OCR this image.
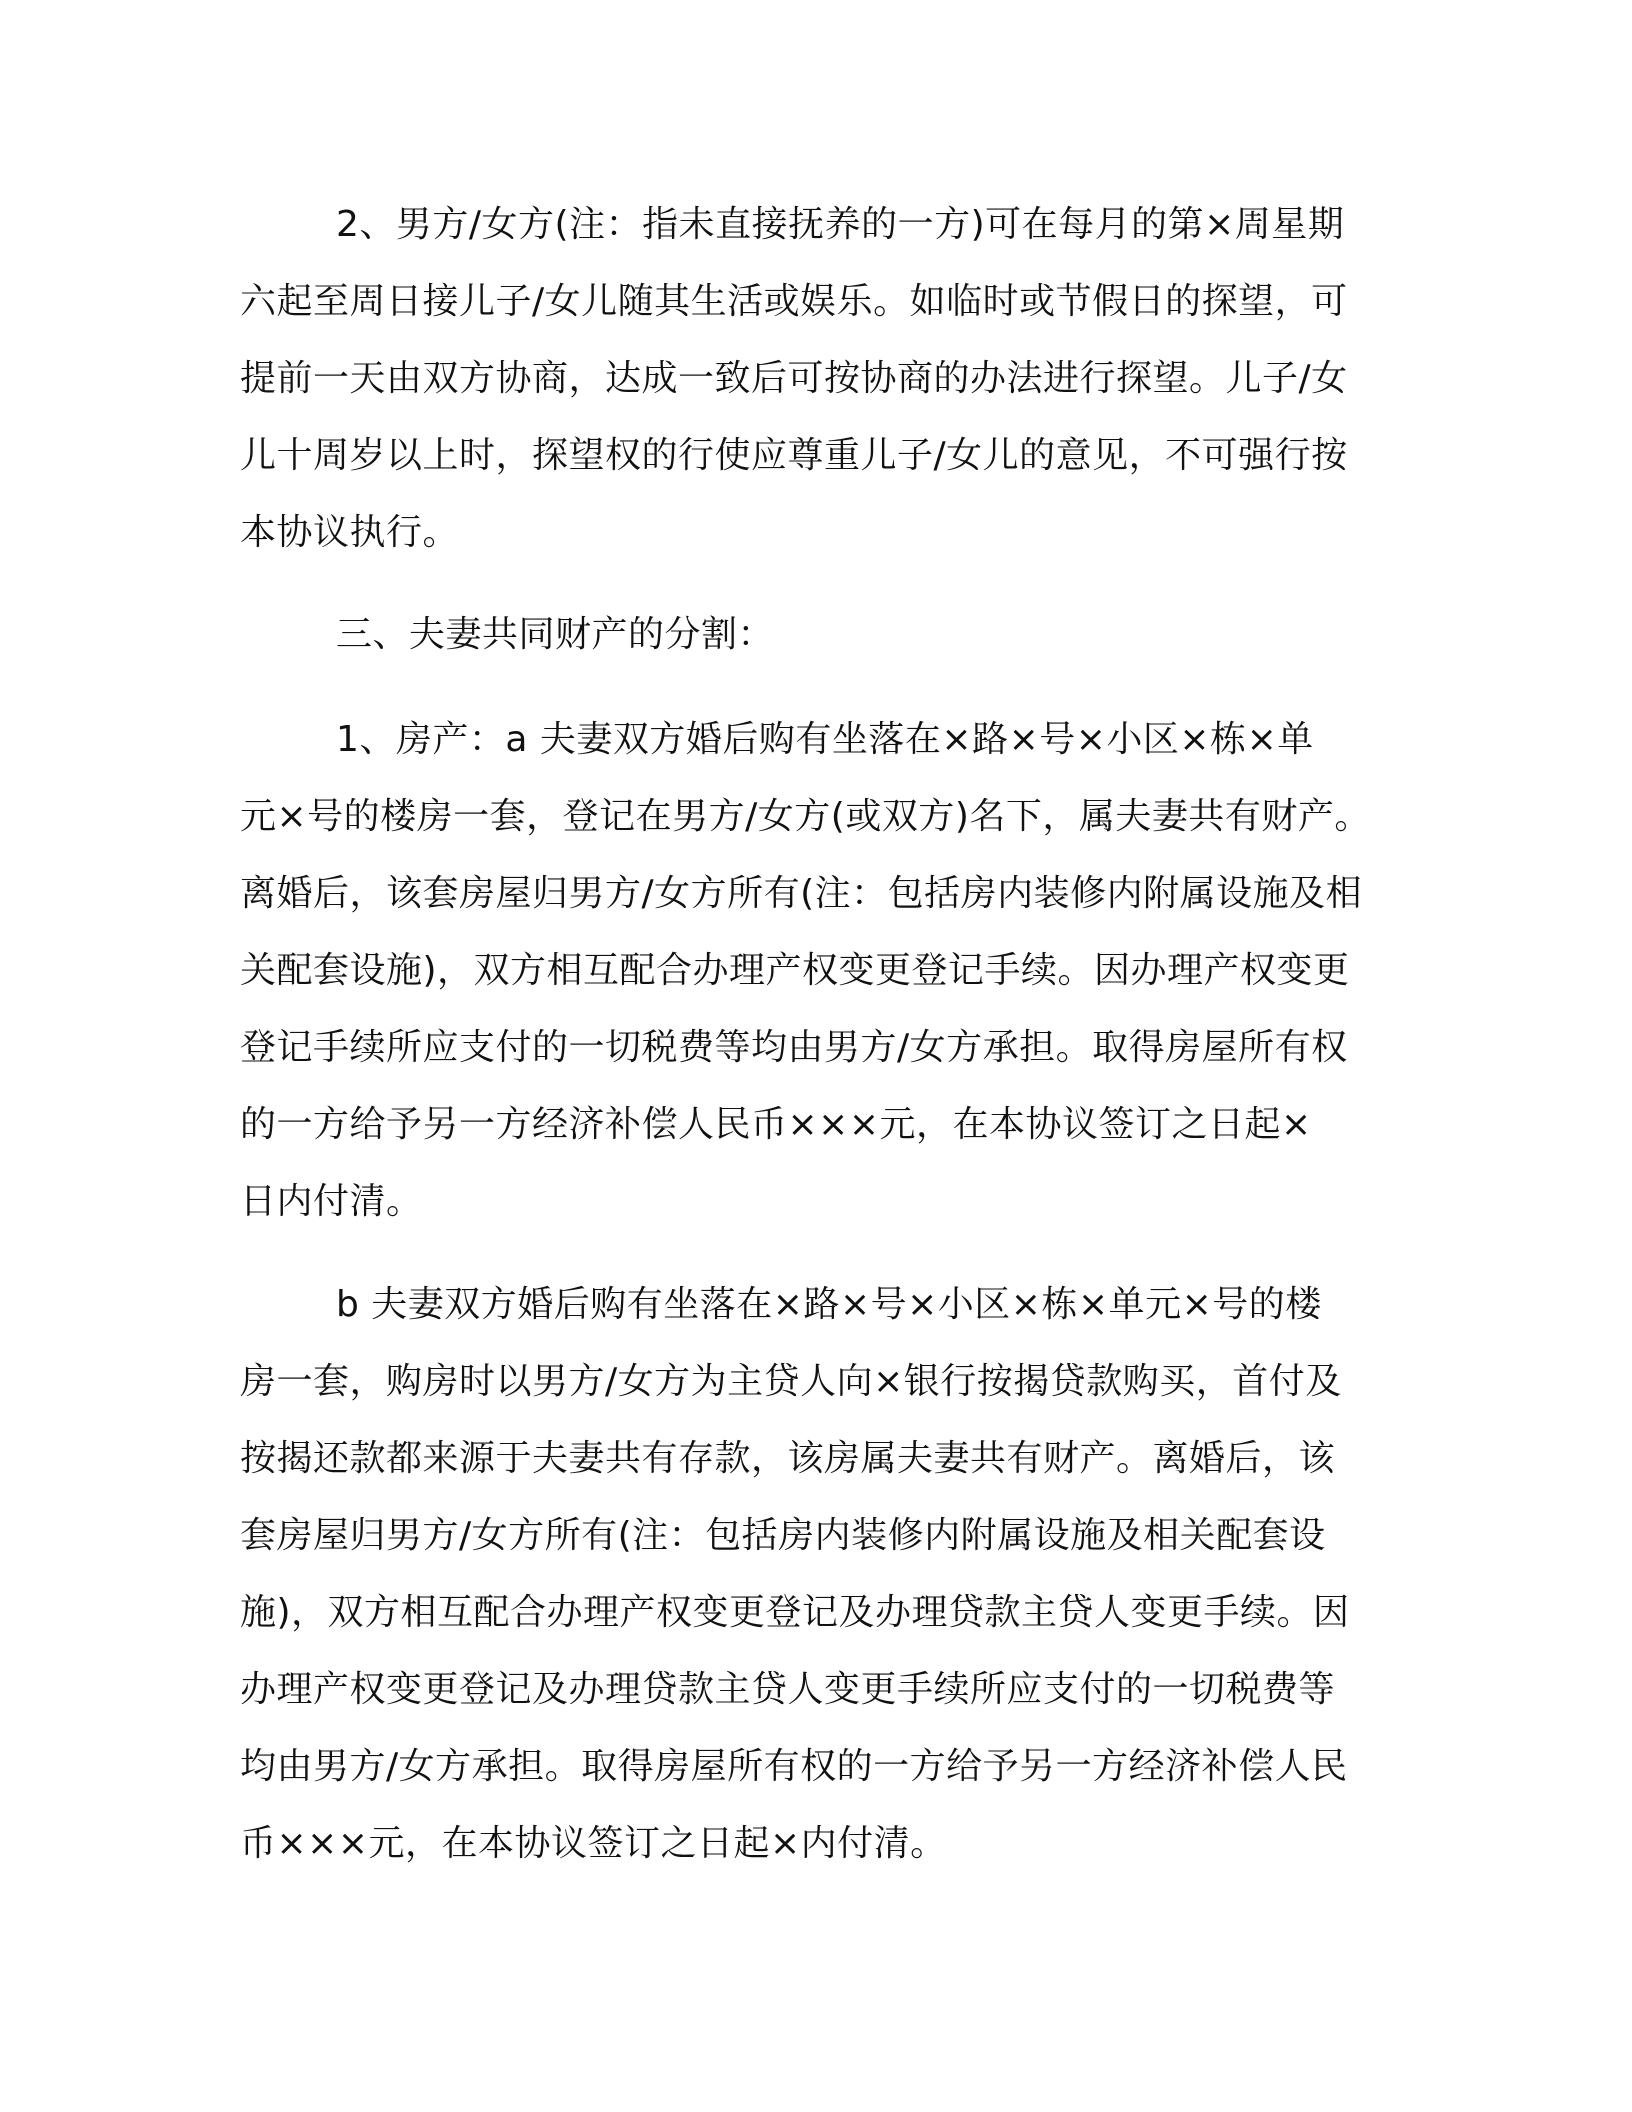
2、男方/女方(注：指未直接抚养的一方)可在每月的第×周星期
六起至周日接儿子/女儿随其生活或娱乐。如临时或节假日的探望，可
提前一天由双方协商，达成一致后可按协商的办法进行探望。儿子/女
儿十周岁以上时，探望权的行使应尊重儿子/女儿的意见，不可强行按
本协议执行。
三、夫妻共同财产的分割：
1、房产：a 夫妻双方婚后购有坐落在×路×号×小区×栋×单
元×号的楼房一套，登记在男方/女方(或双方)名下，属夫妻共有财产。
离婚后，该套房屋归男方/女方所有(注：包括房内装修内附属设施及相
关配套设施)，双方相互配合办理产权变更登记手续。因办理产权变更
登记手续所应支付的一切税费等均由男方/女方承担。取得房屋所有权
的一方给予另一方经济补偿人民币×××元，在本协议签订之日起×
日内付清。
b 夫妻双方婚后购有坐落在×路×号×小区×栋×单元×号的楼
房一套，购房时以男方/女方为主贷人向×银行按揭贷款购买，首付及
按揭还款都来源于夫妻共有存款，该房属夫妻共有财产。离婚后，该
套房屋归男方/女方所有(注：包括房内装修内附属设施及相关配套设
施)，双方相互配合办理产权变更登记及办理贷款主贷人变更手续。因
办理产权变更登记及办理贷款主贷人变更手续所应支付的一切税费等
均由男方/女方承担。取得房屋所有权的一方给予另一方经济补偿人民
币×××元，在本协议签订之日起×内付清。
